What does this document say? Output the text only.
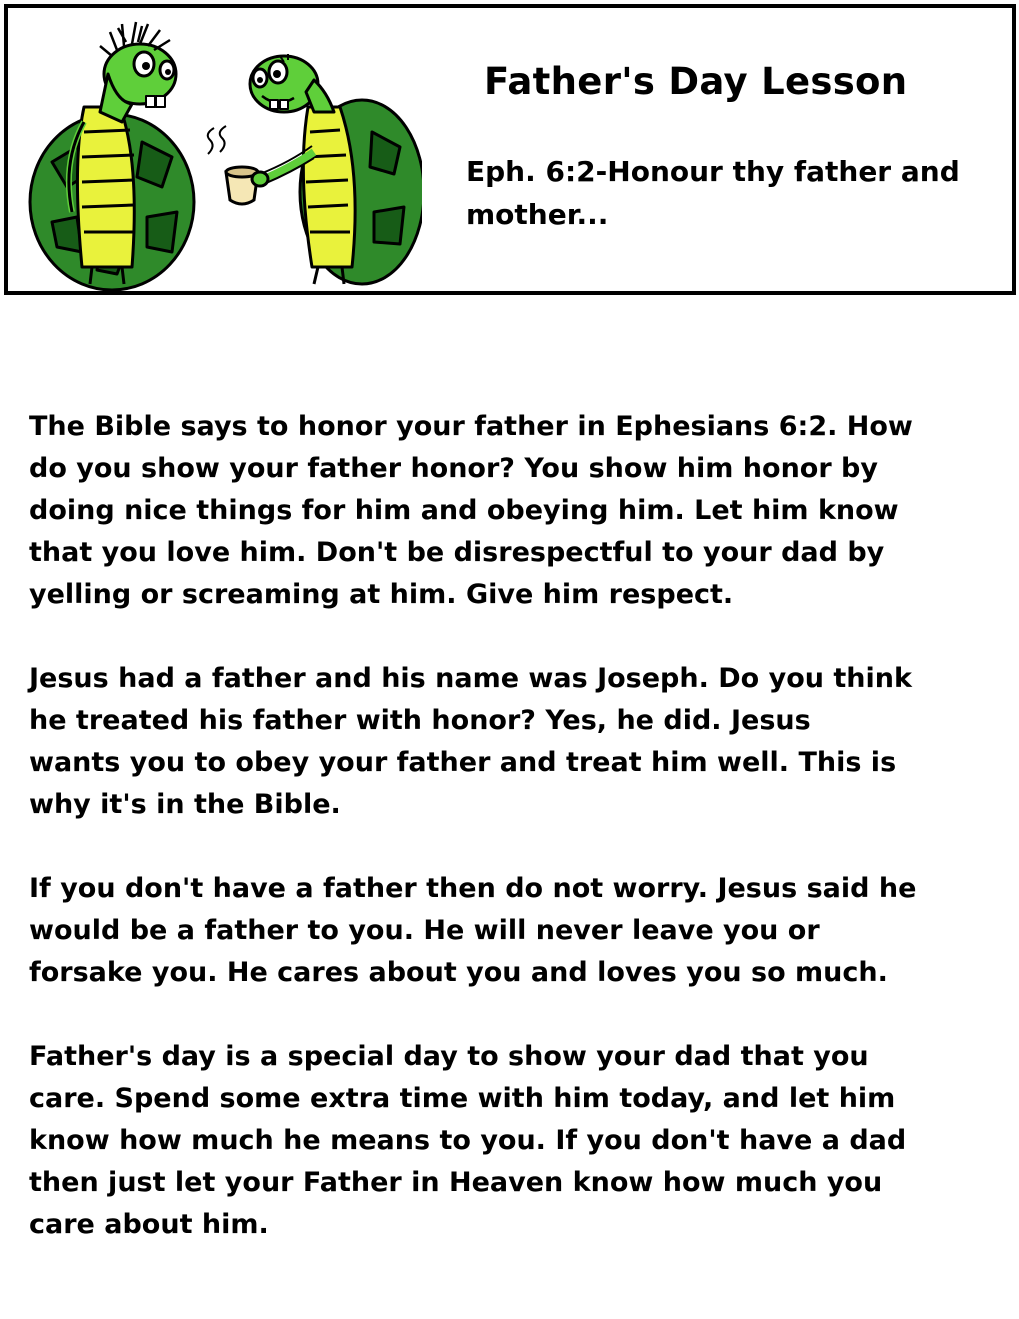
Father's Day Lesson

Eph. 6:2-Honour thy father and mother...

The Bible says to honor your father in Ephesians 6:2. How
do you show your father honor? You show him honor by
doing nice things for him and obeying him. Let him know
that you love him. Don't be disrespectful to your dad by
yelling or screaming at him. Give him respect.

Jesus had a father and his name was Joseph. Do you think
he treated his father with honor? Yes, he did. Jesus
wants you to obey your father and treat him well. This is
why it's in the Bible.

If you don't have a father then do not worry. Jesus said he
would be a father to you. He will never leave you or
forsake you. He cares about you and loves you so much.

Father's day is a special day to show your dad that you
care. Spend some extra time with him today, and let him
know how much he means to you. If you don't have a dad
then just let your Father in Heaven know how much you
care about him.
